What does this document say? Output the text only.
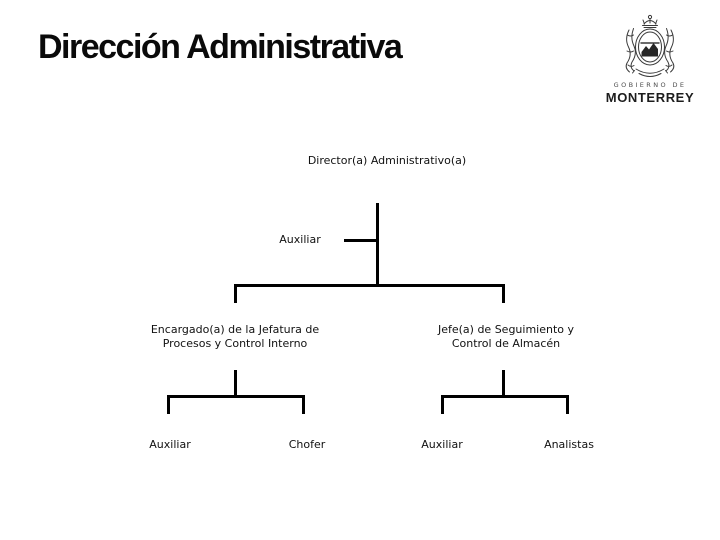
Dirección Administrativa
GOBIERNO DE
MONTERREY
Director(a) Administrativo(a)
Auxiliar
Encargado(a) de la Jefatura de
Procesos y Control Interno
Jefe(a) de Seguimiento y
Control de Almacén
Auxiliar	Chofer	Auxiliar	Analistas
